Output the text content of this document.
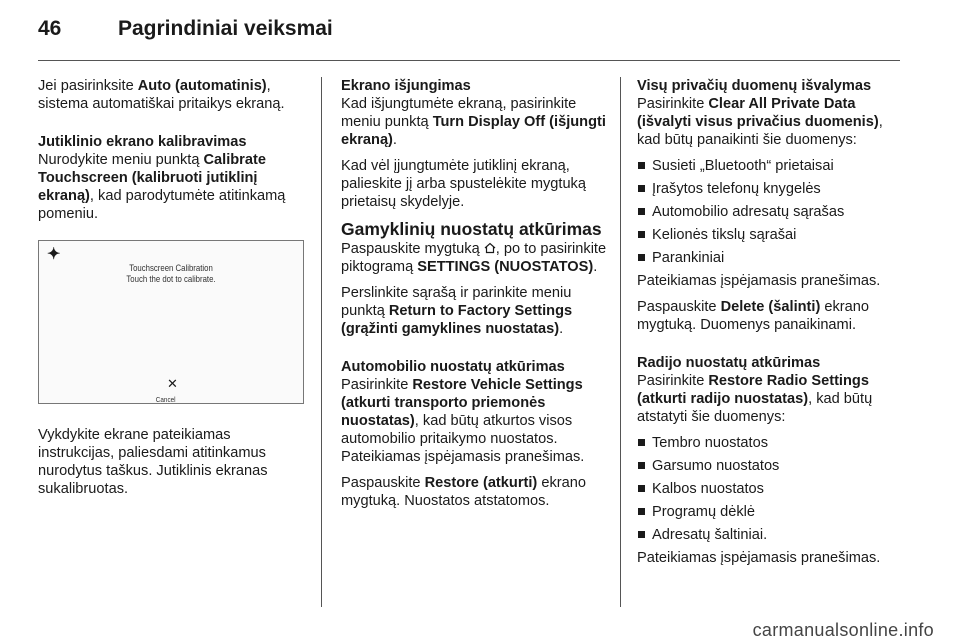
46	Pagrindiniai veiksmai

Jei pasirinksite Auto (automatinis), sistema automatiškai pritaikys ekraną.

Jutiklinio ekrano kalibravimas

Nurodykite meniu punktą Calibrate Touchscreen (kalibruoti jutiklinį ekraną), kad parodytumėte atitinkamą pomeniu.

✦
Touchscreen Calibration
Touch the dot to calibrate.
✕
Cancel

Vykdykite ekrane pateikiamas instrukcijas, paliesdami atitinkamus nurodytus taškus. Jutiklinis ekranas sukalibruotas.

Ekrano išjungimas

Kad išjungtumėte ekraną, pasirinkite meniu punktą Turn Display Off (išjungti ekraną).

Kad vėl įjungtumėte jutiklinį ekraną, palieskite jį arba spustelėkite mygtuką prietaisų skydelyje.

Gamyklinių nuostatų atkūrimas

Paspauskite mygtuką , po to pasirinkite piktogramą SETTINGS (NUOSTATOS).

Perslinkite sąrašą ir parinkite meniu punktą Return to Factory Settings (grąžinti gamyklines nuostatas).

Automobilio nuostatų atkūrimas

Pasirinkite Restore Vehicle Settings (atkurti transporto priemonės nuostatas), kad būtų atkurtos visos automobilio pritaikymo nuostatos. Pateikiamas įspėjamasis pranešimas.

Paspauskite Restore (atkurti) ekrano mygtuką. Nuostatos atstatomos.

Visų privačių duomenų išvalymas

Pasirinkite Clear All Private Data (išvalyti visus privačius duomenis), kad būtų panaikinti šie duomenys:

Susieti „Bluetooth“ prietaisai
Įrašytos telefonų knygelės
Automobilio adresatų sąrašas
Kelionės tikslų sąrašai
Parankiniai

Pateikiamas įspėjamasis pranešimas.

Paspauskite Delete (šalinti) ekrano mygtuką. Duomenys panaikinami.

Radijo nuostatų atkūrimas

Pasirinkite Restore Radio Settings (atkurti radijo nuostatas), kad būtų atstatyti šie duomenys:

Tembro nuostatos
Garsumo nuostatos
Kalbos nuostatos
Programų dėklė
Adresatų šaltiniai.

Pateikiamas įspėjamasis pranešimas.

carmanualsonline.info
